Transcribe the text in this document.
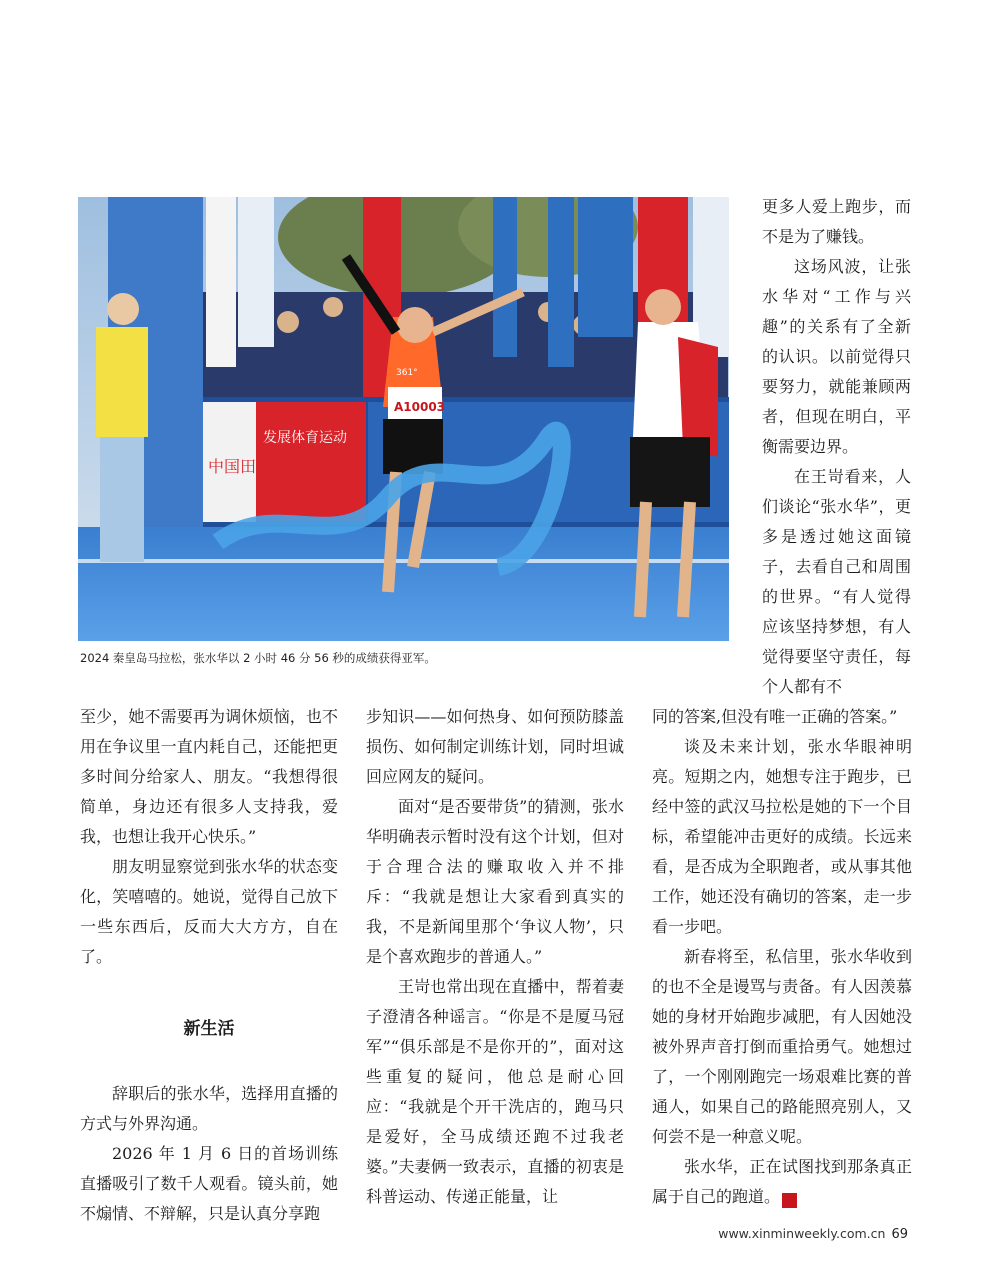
中国田径协会
发展体育运动
A10003
361°
2024 秦皇岛马拉松，张水华以 2 小时 46 分 56 秒的成绩获得亚军。

更多人爱上跑步，而不是为了赚钱。

这场风波，让张水华对“工作与兴趣”的关系有了全新的认识。以前觉得只要努力，就能兼顾两者，但现在明白，平衡需要边界。

在王岢看来，人们谈论“张水华”，更多是透过她这面镜子，去看自己和周围的世界。“有人觉得应该坚持梦想，有人觉得要坚守责任，每个人都有不

至少，她不需要再为调休烦恼，也不用在争议里一直内耗自己，还能把更多时间分给家人、朋友。“我想得很简单，身边还有很多人支持我，爱我，也想让我开心快乐。”

朋友明显察觉到张水华的状态变化，笑嘻嘻的。她说，觉得自己放下一些东西后，反而大大方方，自在了。

新生活

辞职后的张水华，选择用直播的方式与外界沟通。

2026 年 1 月 6 日的首场训练直播吸引了数千人观看。镜头前，她不煽情、不辩解，只是认真分享跑

步知识——如何热身、如何预防膝盖损伤、如何制定训练计划，同时坦诚回应网友的疑问。

面对“是否要带货”的猜测，张水华明确表示暂时没有这个计划，但对于合理合法的赚取收入并不排斥：“我就是想让大家看到真实的我，不是新闻里那个‘争议人物’，只是个喜欢跑步的普通人。”

王岢也常出现在直播中，帮着妻子澄清各种谣言。“你是不是厦马冠军”“俱乐部是不是你开的”，面对这些重复的疑问，他总是耐心回应：“我就是个开干洗店的，跑马只是爱好，全马成绩还跑不过我老婆。”夫妻俩一致表示，直播的初衷是科普运动、传递正能量，让

同的答案,但没有唯一正确的答案。”

谈及未来计划，张水华眼神明亮。短期之内，她想专注于跑步，已经中签的武汉马拉松是她的下一个目标，希望能冲击更好的成绩。长远来看，是否成为全职跑者，或从事其他工作，她还没有确切的答案，走一步看一步吧。

新春将至，私信里，张水华收到的也不全是谩骂与责备。有人因羡慕她的身材开始跑步减肥，有人因她没被外界声音打倒而重拾勇气。她想过了，一个刚刚跑完一场艰难比赛的普通人，如果自己的路能照亮别人，又何尝不是一种意义呢。

张水华，正在试图找到那条真正属于自己的跑道。	民

www.xinminweekly.com.cn 69
